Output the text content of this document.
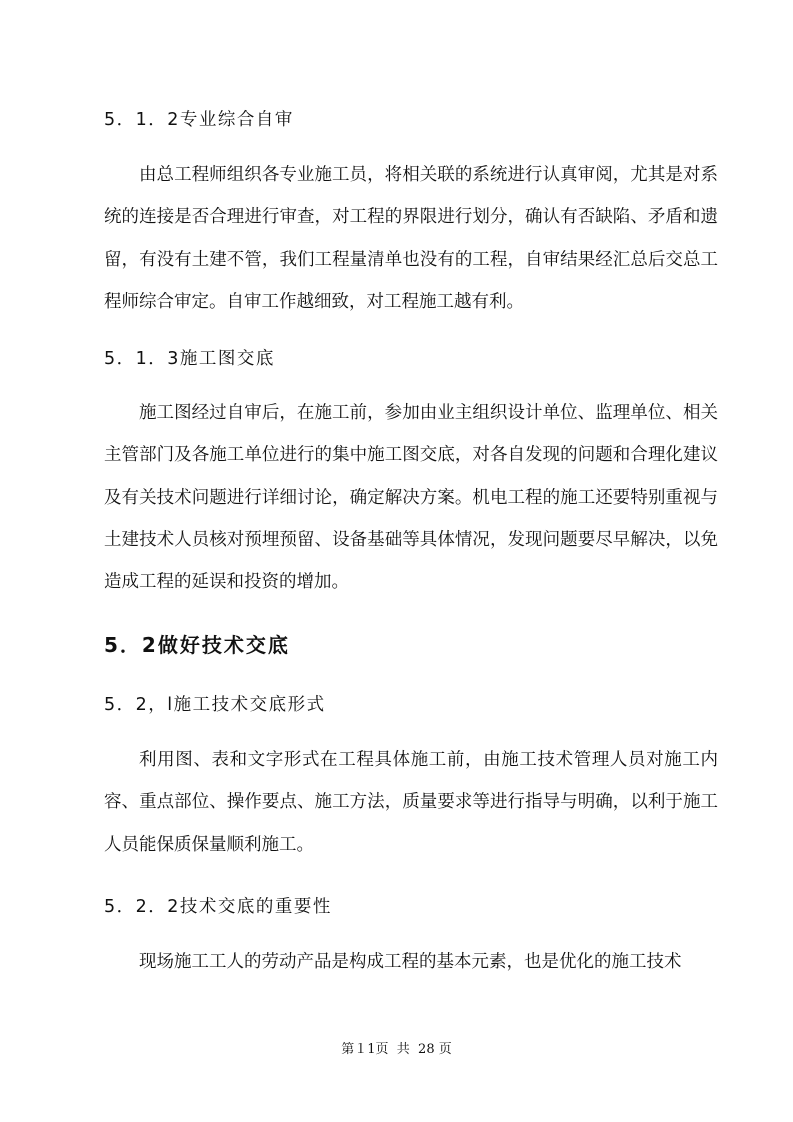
5．1．2专业综合自审
由总工程师组织各专业施工员，将相关联的系统进行认真审阅，尤其是对系统的连接是否合理进行审查，对工程的界限进行划分，确认有否缺陷、矛盾和遗留，有没有土建不管，我们工程量清单也没有的工程，自审结果经汇总后交总工程师综合审定。自审工作越细致，对工程施工越有利。
5．1．3施工图交底
施工图经过自审后，在施工前，参加由业主组织设计单位、监理单位、相关主管部门及各施工单位进行的集中施工图交底，对各自发现的问题和合理化建议及有关技术问题进行详细讨论，确定解决方案。机电工程的施工还要特别重视与土建技术人员核对预埋预留、设备基础等具体情况，发现问题要尽早解决，以免造成工程的延误和投资的增加。
5．2做好技术交底
5．2，l施工技术交底形式
利用图、表和文字形式在工程具体施工前，由施工技术管理人员对施工内容、重点部位、操作要点、施工方法，质量要求等进行指导与明确，以利于施工人员能保质保量顺利施工。
5．2．2技术交底的重要性
现场施工工人的劳动产品是构成工程的基本元素，也是优化的施工技术
第１1页  共  28 页
